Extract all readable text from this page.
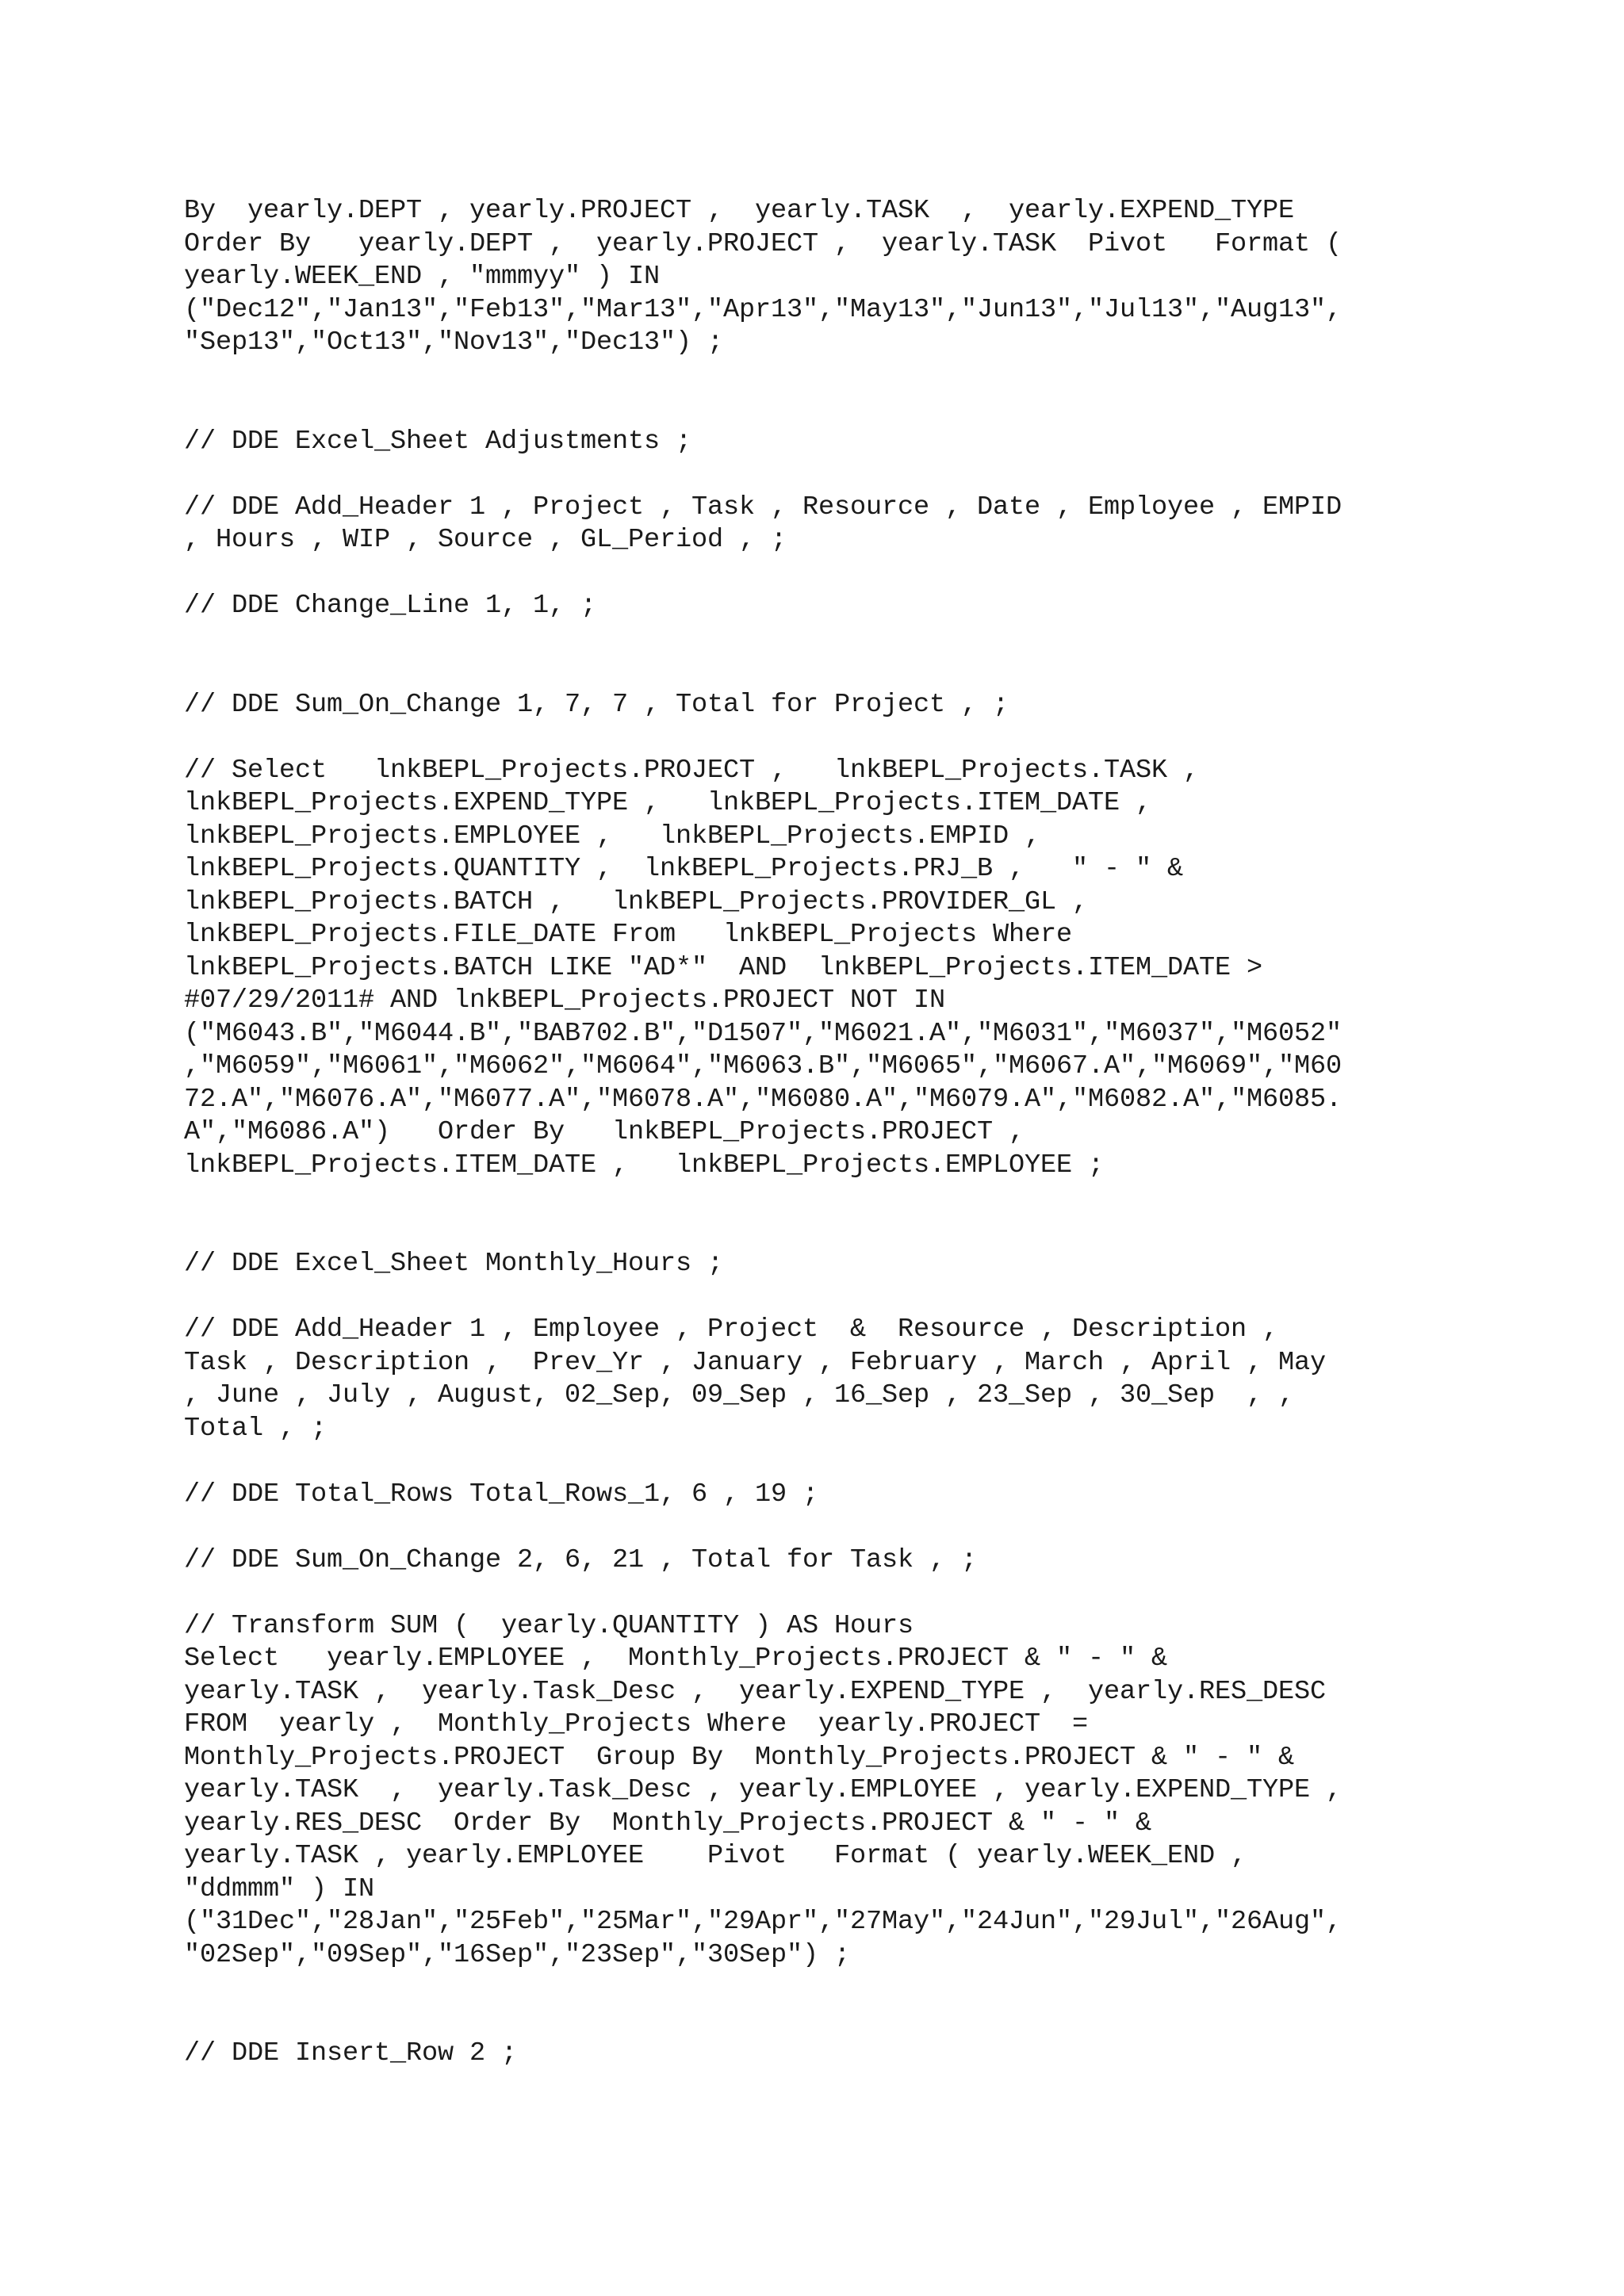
By  yearly.DEPT , yearly.PROJECT ,  yearly.TASK  ,  yearly.EXPEND_TYPE
Order By   yearly.DEPT ,  yearly.PROJECT ,  yearly.TASK  Pivot   Format (
yearly.WEEK_END , "mmmyy" ) IN
("Dec12","Jan13","Feb13","Mar13","Apr13","May13","Jun13","Jul13","Aug13",
"Sep13","Oct13","Nov13","Dec13") ;
// DDE Excel_Sheet Adjustments ;
// DDE Add_Header 1 , Project , Task , Resource , Date , Employee , EMPID
, Hours , WIP , Source , GL_Period , ;
// DDE Change_Line 1, 1, ;
// DDE Sum_On_Change 1, 7, 7 , Total for Project , ;
// Select   lnkBEPL_Projects.PROJECT ,   lnkBEPL_Projects.TASK ,
lnkBEPL_Projects.EXPEND_TYPE ,   lnkBEPL_Projects.ITEM_DATE ,
lnkBEPL_Projects.EMPLOYEE ,   lnkBEPL_Projects.EMPID ,
lnkBEPL_Projects.QUANTITY ,  lnkBEPL_Projects.PRJ_B ,   " - " &
lnkBEPL_Projects.BATCH ,   lnkBEPL_Projects.PROVIDER_GL ,
lnkBEPL_Projects.FILE_DATE From   lnkBEPL_Projects Where
lnkBEPL_Projects.BATCH LIKE "AD*"  AND  lnkBEPL_Projects.ITEM_DATE >
#07/29/2011# AND lnkBEPL_Projects.PROJECT NOT IN
("M6043.B","M6044.B","BAB702.B","D1507","M6021.A","M6031","M6037","M6052"
,"M6059","M6061","M6062","M6064","M6063.B","M6065","M6067.A","M6069","M60
72.A","M6076.A","M6077.A","M6078.A","M6080.A","M6079.A","M6082.A","M6085.
A","M6086.A")   Order By   lnkBEPL_Projects.PROJECT ,
lnkBEPL_Projects.ITEM_DATE ,   lnkBEPL_Projects.EMPLOYEE ;
// DDE Excel_Sheet Monthly_Hours ;
// DDE Add_Header 1 , Employee , Project  &  Resource , Description ,
Task , Description ,  Prev_Yr , January , February , March , April , May
, June , July , August, 02_Sep, 09_Sep , 16_Sep , 23_Sep , 30_Sep  , ,
Total , ;
// DDE Total_Rows Total_Rows_1, 6 , 19 ;
// DDE Sum_On_Change 2, 6, 21 , Total for Task , ;
// Transform SUM (  yearly.QUANTITY ) AS Hours
Select   yearly.EMPLOYEE ,  Monthly_Projects.PROJECT & " - " &
yearly.TASK ,  yearly.Task_Desc ,  yearly.EXPEND_TYPE ,  yearly.RES_DESC
FROM  yearly ,  Monthly_Projects Where  yearly.PROJECT  =
Monthly_Projects.PROJECT  Group By  Monthly_Projects.PROJECT & " - " &
yearly.TASK  ,  yearly.Task_Desc , yearly.EMPLOYEE , yearly.EXPEND_TYPE ,
yearly.RES_DESC  Order By  Monthly_Projects.PROJECT & " - " &
yearly.TASK , yearly.EMPLOYEE    Pivot   Format ( yearly.WEEK_END ,
"ddmmm" ) IN
("31Dec","28Jan","25Feb","25Mar","29Apr","27May","24Jun","29Jul","26Aug",
"02Sep","09Sep","16Sep","23Sep","30Sep") ;
// DDE Insert_Row 2 ;
